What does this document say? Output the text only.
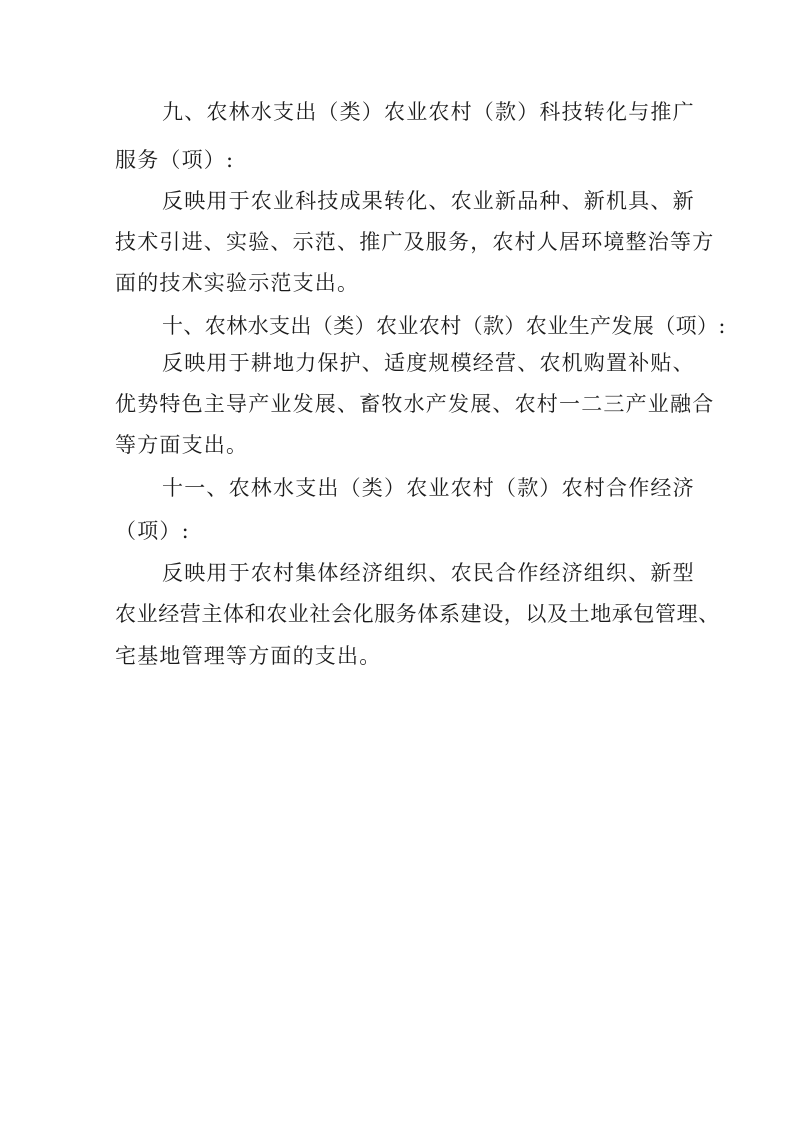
九、农林水支出（类）农业农村（款）科技转化与推广
服务（项）:
反映用于农业科技成果转化、农业新品种、新机具、新
技术引进、实验、示范、推广及服务，农村人居环境整治等方
面的技术实验示范支出。
十、农林水支出（类）农业农村（款）农业生产发展（项）:
反映用于耕地力保护、适度规模经营、农机购置补贴、
优势特色主导产业发展、畜牧水产发展、农村一二三产业融合
等方面支出。
十一、农林水支出（类）农业农村（款）农村合作经济
（项）:
反映用于农村集体经济组织、农民合作经济组织、新型
农业经营主体和农业社会化服务体系建设，以及土地承包管理、
宅基地管理等方面的支出。
